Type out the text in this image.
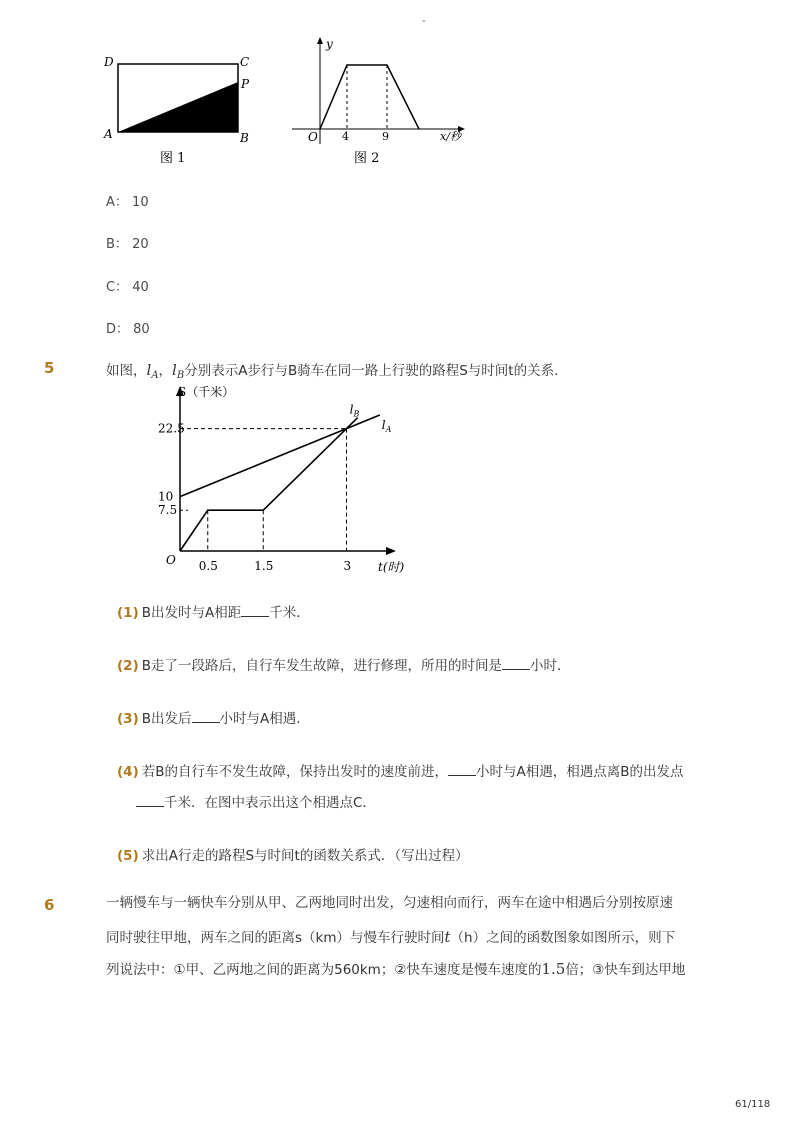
-
D	C
P
A	B
图 1
y
O 4	9	x/秒
图 2
A： 10
B： 20
C： 40
D： 80
5	如图，$l_A$，$l_B$分别表示A步行与B骑车在同一路上行驶的路程S与时间t的关系．
S（千米）
t(时)
O
7.5
10
22.5
0.5	1.5	3
$l_A$
$l_B$
(1) B出发时与A相距 千米．
(2) B走了一段路后，自行车发生故障，进行修理，所用的时间是 小时．
(3) B出发后 小时与A相遇．
(4) 若B的自行车不发生故障，保持出发时的速度前进， 小时与A相遇，相遇点离B的出发点
千米．在图中表示出这个相遇点C．
(5) 求出A行走的路程S与时间t的函数关系式．（写出过程）
6	一辆慢车与一辆快车分别从甲、乙两地同时出发，匀速相向而行，两车在途中相遇后分别按原速
同时驶往甲地，两车之间的距离s（km）与慢车行驶时间t（h）之间的函数图象如图所示，则下
列说法中：①甲、乙两地之间的距离为560km；②快车速度是慢车速度的1.5倍；③快车到达甲地
61/118
